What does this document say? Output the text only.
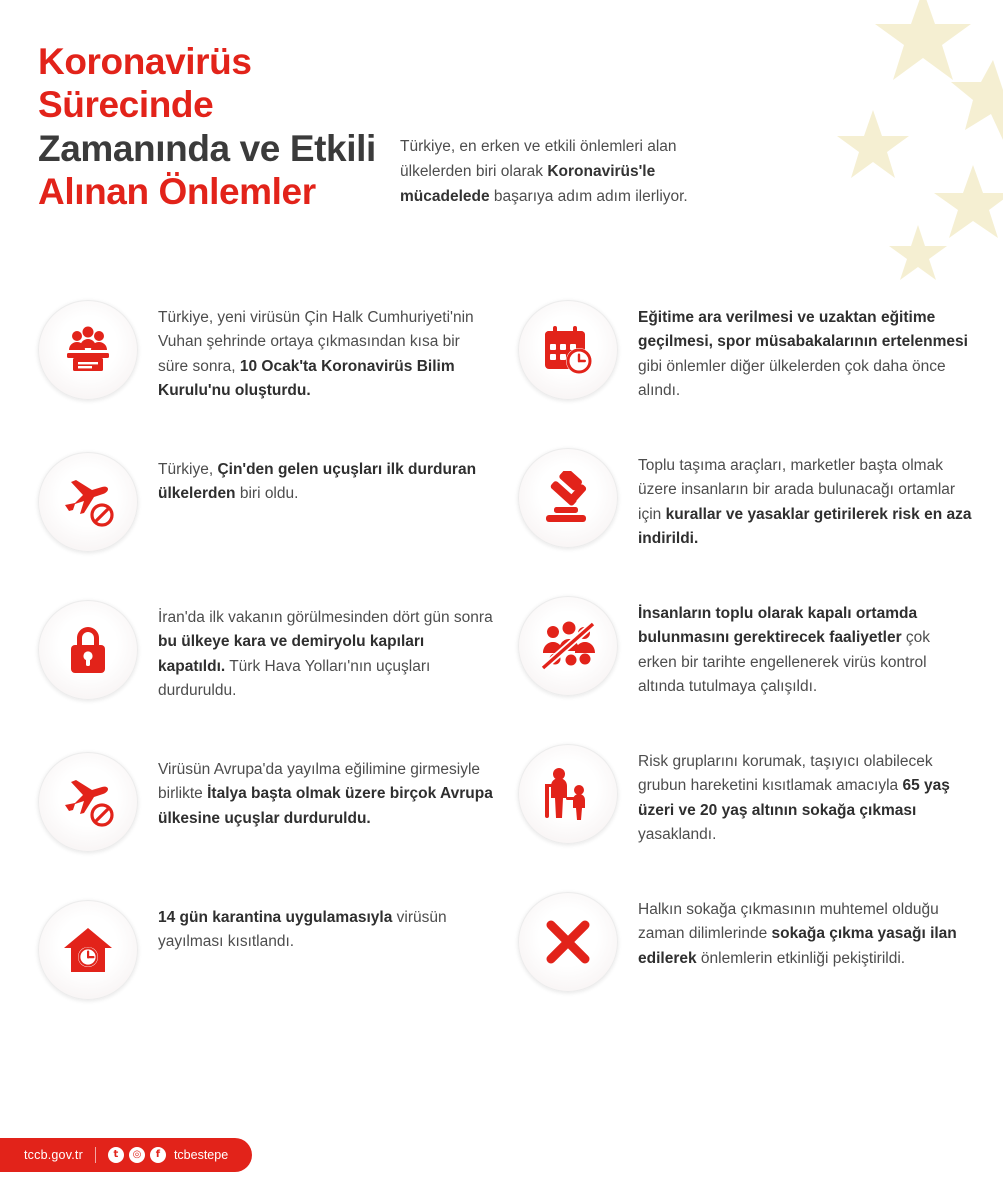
Koronavirüs Sürecinde
Zamanında ve Etkili
Alınan Önlemler

Türkiye, en erken ve etkili önlemleri alan ülkelerden biri olarak Koronavirüs'le mücadelede başarıya adım adım ilerliyor.

Türkiye, yeni virüsün Çin Halk Cumhuriyeti'nin Vuhan şehrinde ortaya çıkmasından kısa bir süre sonra, 10 Ocak'ta Koronavirüs Bilim Kurulu'nu oluşturdu.
Türkiye, Çin'den gelen uçuşları ilk durduran ülkelerden biri oldu.
İran'da ilk vakanın görülmesinden dört gün sonra bu ülkeye kara ve demiryolu kapıları kapatıldı. Türk Hava Yolları'nın uçuşları durduruldu.
Virüsün Avrupa'da yayılma eğilimine girmesiyle birlikte İtalya başta olmak üzere birçok Avrupa ülkesine uçuşlar durduruldu.
14 gün karantina uygulamasıyla virüsün yayılması kısıtlandı.
Eğitime ara verilmesi ve uzaktan eğitime geçilmesi, spor müsabakalarının ertelenmesi gibi önlemler diğer ülkelerden çok daha önce alındı.
Toplu taşıma araçları, marketler başta olmak üzere insanların bir arada bulunacağı ortamlar için kurallar ve yasaklar getirilerek risk en aza indirildi.
İnsanların toplu olarak kapalı ortamda bulunmasını gerektirecek faaliyetler çok erken bir tarihte engellenerek virüs kontrol altında tutulmaya çalışıldı.
Risk gruplarını korumak, taşıyıcı olabilecek grubun hareketini kısıtlamak amacıyla 65 yaş üzeri ve 20 yaş altının sokağa çıkması yasaklandı.
Halkın sokağa çıkmasının muhtemel olduğu zaman dilimlerinde sokağa çıkma yasağı ilan edilerek önlemlerin etkinliği pekiştirildi.
tccb.gov.tr	t	◎	f	tcbestepe
